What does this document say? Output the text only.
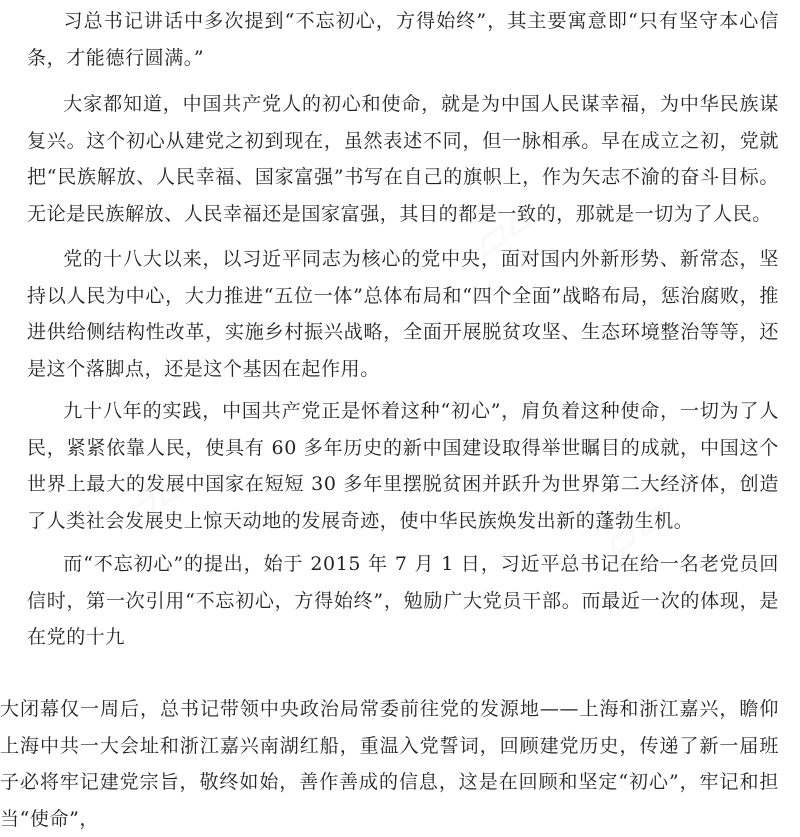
习总书记讲话中多次提到“不忘初心，方得始终”，其主要寓意即“只有坚守本心信条，才能德行圆满。”

大家都知道，中国共产党人的初心和使命，就是为中国人民谋幸福，为中华民族谋复兴。这个初心从建党之初到现在，虽然表述不同，但一脉相承。早在成立之初，党就把“民族解放、人民幸福、国家富强”书写在自己的旗帜上，作为矢志不渝的奋斗目标。无论是民族解放、人民幸福还是国家富强，其目的都是一致的，那就是一切为了人民。

党的十八大以来，以习近平同志为核心的党中央，面对国内外新形势、新常态，坚持以人民为中心，大力推进“五位一体”总体布局和“四个全面”战略布局，惩治腐败，推进供给侧结构性改革，实施乡村振兴战略，全面开展脱贫攻坚、生态环境整治等等，还是这个落脚点，还是这个基因在起作用。

九十八年的实践，中国共产党正是怀着这种“初心”，肩负着这种使命，一切为了人民，紧紧依靠人民，使具有 60 多年历史的新中国建设取得举世瞩目的成就，中国这个世界上最大的发展中国家在短短 30 多年里摆脱贫困并跃升为世界第二大经济体，创造了人类社会发展史上惊天动地的发展奇迹，使中华民族焕发出新的蓬勃生机。

而“不忘初心”的提出，始于 2015 年 7 月 1 日，习近平总书记在给一名老党员回信时，第一次引用“不忘初心，方得始终”，勉励广大党员干部。而最近一次的体现，是在党的十九

大闭幕仅一周后，总书记带领中央政治局常委前往党的发源地——上海和浙江嘉兴，瞻仰上海中共一大会址和浙江嘉兴南湖红船，重温入党誓词，回顾建党历史，传递了新一届班子必将牢记建党宗旨，敬终如始，善作善成的信息，这是在回顾和坚定“初心”，牢记和担当“使命”，

▱▱
▱▱
▱▱
